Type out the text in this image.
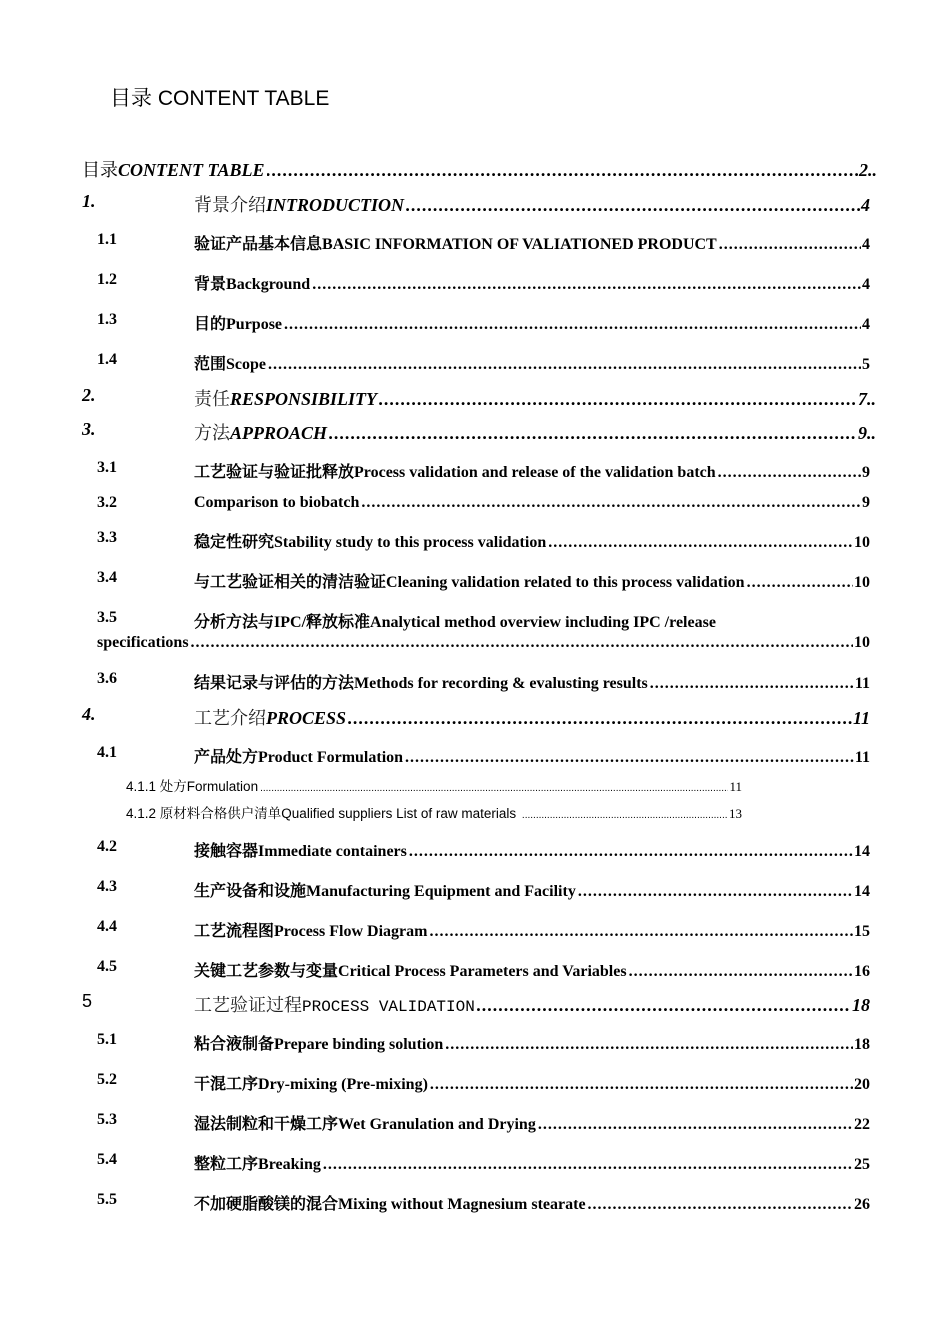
目录 CONTENT TABLE
目录CONTENT TABLE .....	2 ..
1.	背景介绍INTRODUCTION .....	4
1.1	验证产品基本信息BASIC INFORMATION OF VALIATIONED PRODUCT .....	4
1.2	背景Background .....	4
1.3	目的Purpose .....	4
1.4	范围Scope .....	5
2.	责任RESPONSIBILITY .....	7 ..
3.	方法APPROACH .....	9 ..
3.1	工艺验证与验证批释放Process validation and release of the validation batch .....	9
3.2	Comparison to biobatch .....	9
3.3	稳定性研究Stability study to this process validation .....	10
3.4	与工艺验证相关的清洁验证Cleaning validation related to this process validation .....	10
3.5	分析方法与IPC/释放标准Analytical method overview including IPC /release
specifications .....	10
3.6	结果记录与评估的方法Methods for recording & evalusting results .....	11
4.	工艺介绍PROCESS .....	11
4.1	产品处方Product Formulation .....	11
4.1.1 处方Formulation .....	11
4.1.2 原材料合格供户清单Qualified suppliers List of raw materials .....	13
4.2	接触容器Immediate containers .....	14
4.3	生产设备和设施Manufacturing Equipment and Facility .....	14
4.4	工艺流程图Process Flow Diagram .....	15
4.5	关键工艺参数与变量Critical Process Parameters and Variables .....	16
5	工艺验证过程PROCESS VALIDATION .....	18
5.1	粘合液制备Prepare binding solution .....	18
5.2	干混工序Dry-mixing (Pre-mixing) .....	20
5.3	湿法制粒和干燥工序Wet Granulation and Drying .....	22
5.4	整粒工序Breaking .....	25
5.5	不加硬脂酸镁的混合Mixing without Magnesium stearate .....	26
